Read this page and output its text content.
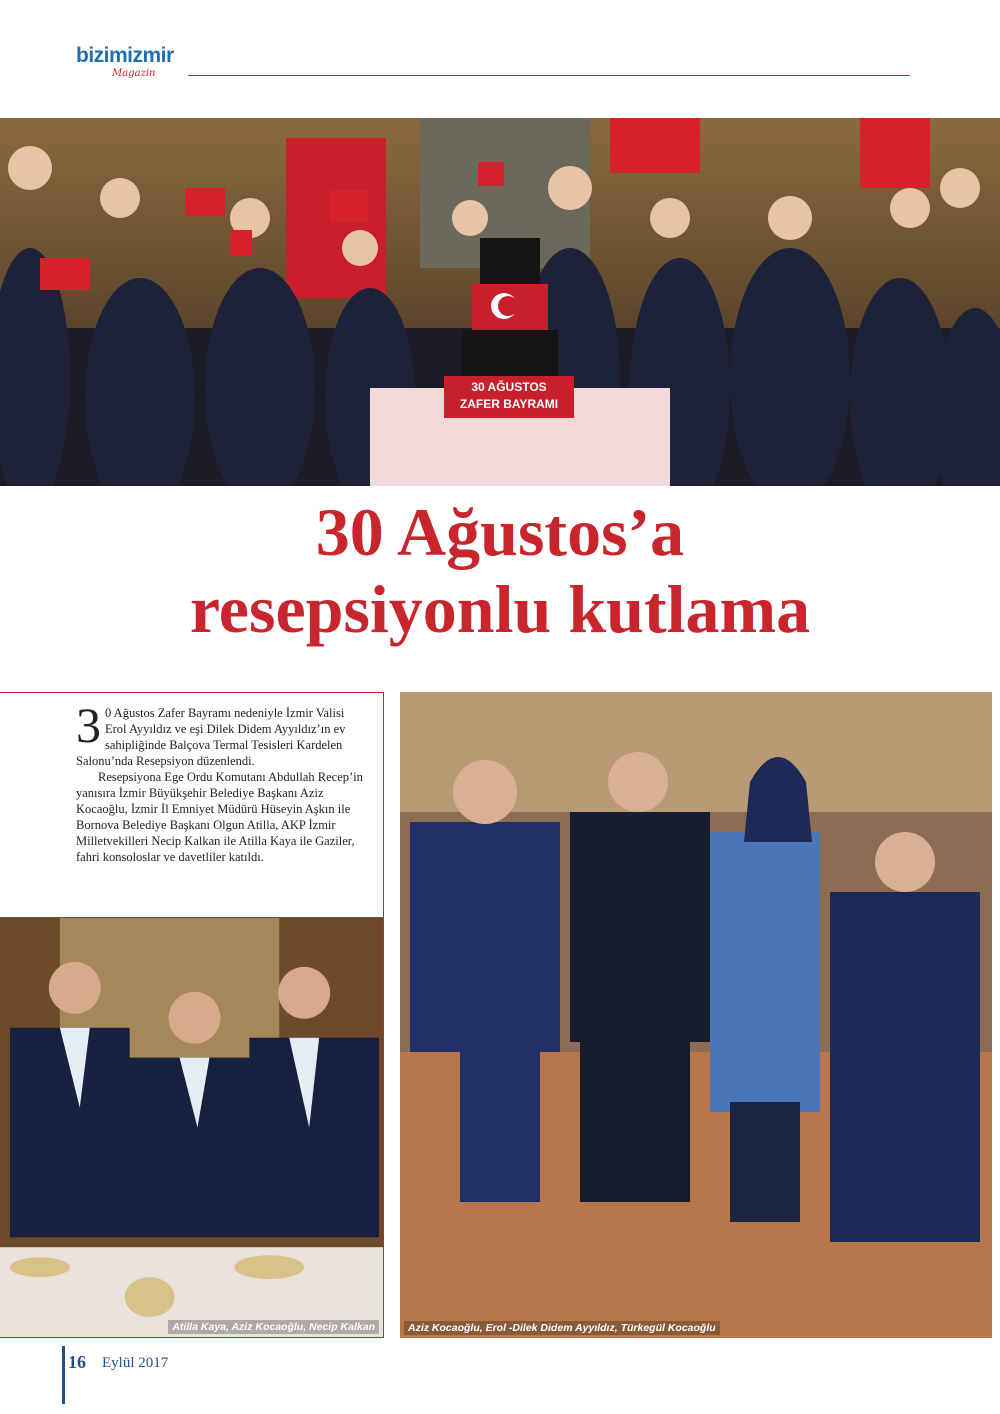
bizimizmir
Magazin
30 AĞUSTOS
ZAFER BAYRAMI
30 Ağustos’a
resepsiyonlu kutlama

3 0 Ağustos Zafer Bayramı nedeniyle İzmir Valisi Erol Ayyıldız ve eşi Dilek Didem Ayyıldız’ın ev sahipliğinde Balçova Termal Tesisleri Kardelen Salonu’nda Resepsiyon düzenlendi.

Resepsiyona Ege Ordu Komutanı Abdullah Recep’in yanısıra İzmir Büyükşehir Belediye Başkanı Aziz Kocaoğlu, İzmir İl Emniyet Müdürü Hüseyin Aşkın ile Bornova Belediye Başkanı Olgun Atilla, AKP İzmir Milletvekilleri Necip Kalkan ile Atilla Kaya ile Gaziler, fahri konsoloslar ve davetliler katıldı.

Atilla Kaya, Aziz Kocaoğlu, Necip Kalkan	Aziz Kocaoğlu, Erol -Dilek Didem Ayyıldız, Türkegül Kocaoğlu
16 Eylül 2017
